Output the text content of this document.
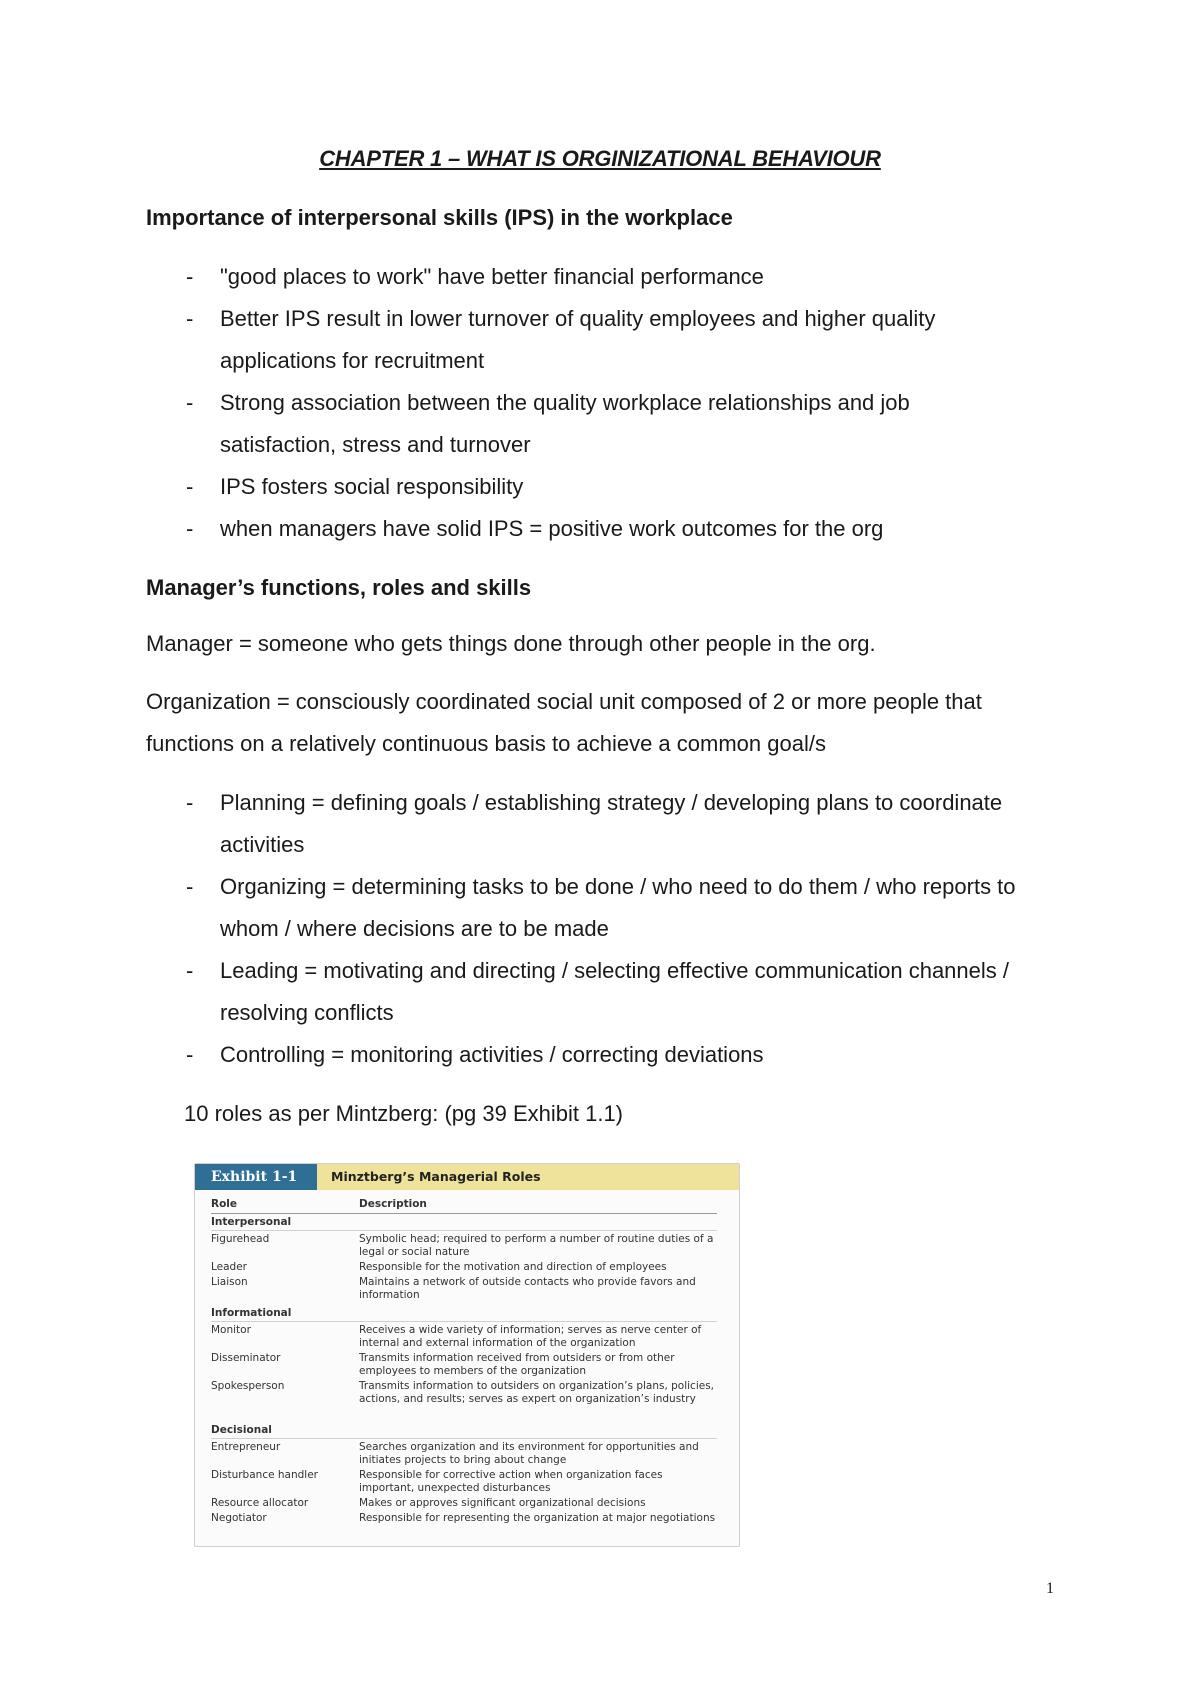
CHAPTER 1 – WHAT IS ORGINIZATIONAL BEHAVIOUR
Importance of interpersonal skills (IPS) in the workplace
- "good places to work" have better financial performance
- Better IPS result in lower turnover of quality employees and higher quality applications for recruitment
- Strong association between the quality workplace relationships and job satisfaction, stress and turnover
- IPS fosters social responsibility
- when managers have solid IPS = positive work outcomes for the org
Manager’s functions, roles and skills
Manager = someone who gets things done through other people in the org.
Organization = consciously coordinated social unit composed of 2 or more people that functions on a relatively continuous basis to achieve a common goal/s
- Planning = defining goals / establishing strategy / developing plans to coordinate activities
- Organizing = determining tasks to be done / who need to do them / who reports to whom / where decisions are to be made
- Leading = motivating and directing / selecting effective communication channels / resolving conflicts
- Controlling = monitoring activities / correcting deviations
10 roles as per Mintzberg: (pg 39 Exhibit 1.1)
Exhibit 1-1	Minztberg’s Managerial Roles
Role	Description
Interpersonal
Figurehead	Symbolic head; required to perform a number of routine duties of a legal or social nature
Leader	Responsible for the motivation and direction of employees
Liaison	Maintains a network of outside contacts who provide favors and information
Informational
Monitor	Receives a wide variety of information; serves as nerve center of internal and external information of the organization
Disseminator	Transmits information received from outsiders or from other employees to members of the organization
Spokesperson	Transmits information to outsiders on organization’s plans, policies, actions, and results; serves as expert on organization’s industry
Decisional
Entrepreneur	Searches organization and its environment for opportunities and initiates projects to bring about change
Disturbance handler	Responsible for corrective action when organization faces important, unexpected disturbances
Resource allocator	Makes or approves significant organizational decisions
Negotiator	Responsible for representing the organization at major negotiations
1
